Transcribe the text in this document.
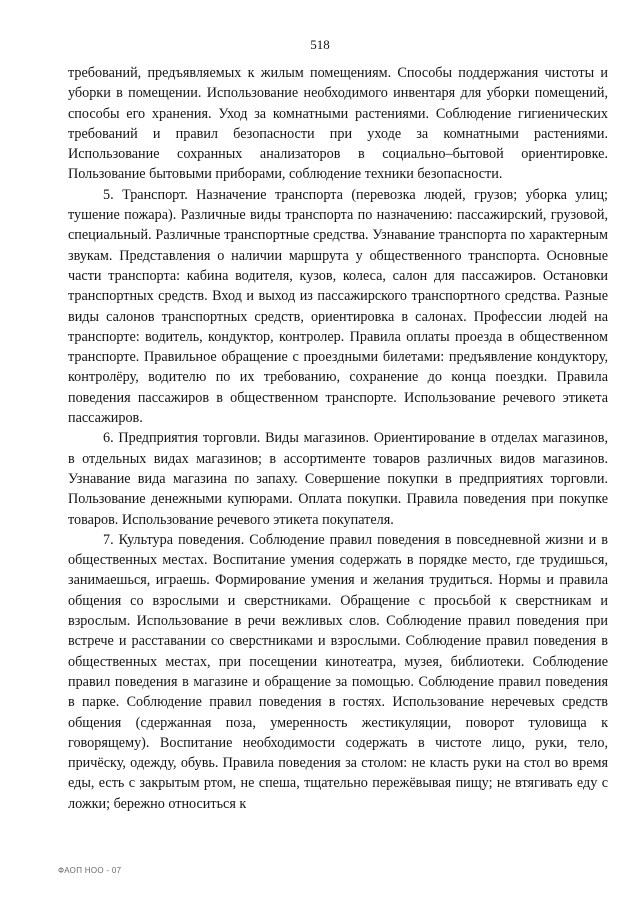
518

требований, предъявляемых к жилым помещениям. Способы поддержания чистоты и уборки в помещении. Использование необходимого инвентаря для уборки помещений, способы его хранения. Уход за комнатными растениями. Соблюдение гигиенических требований и правил безопасности при уходе за комнатными растениями. Использование сохранных анализаторов в социально–бытовой ориентировке. Пользование бытовыми приборами, соблюдение техники безопасности.

5. Транспорт. Назначение транспорта (перевозка людей, грузов; уборка улиц; тушение пожара). Различные виды транспорта по назначению: пассажирский, грузовой, специальный. Различные транспортные средства. Узнавание транспорта по характерным звукам. Представления о наличии маршрута у общественного транспорта. Основные части транспорта: кабина водителя, кузов, колеса, салон для пассажиров. Остановки транспортных средств. Вход и выход из пассажирского транспортного средства. Разные виды салонов транспортных средств, ориентировка в салонах. Профессии людей на транспорте: водитель, кондуктор, контролер. Правила оплаты проезда в общественном транспорте. Правильное обращение с проездными билетами: предъявление кондуктору, контролёру, водителю по их требованию, сохранение до конца поездки. Правила поведения пассажиров в общественном транспорте. Использование речевого этикета пассажиров.

6. Предприятия торговли. Виды магазинов. Ориентирование в отделах магазинов, в отдельных видах магазинов; в ассортименте товаров различных видов магазинов. Узнавание вида магазина по запаху. Совершение покупки в предприятиях торговли. Пользование денежными купюрами. Оплата покупки. Правила поведения при покупке товаров. Использование речевого этикета покупателя.

7. Культура поведения. Соблюдение правил поведения в повседневной жизни и в общественных местах. Воспитание умения содержать в порядке место, где трудишься, занимаешься, играешь. Формирование умения и желания трудиться. Нормы и правила общения со взрослыми и сверстниками. Обращение с просьбой к сверстникам и взрослым. Использование в речи вежливых слов. Соблюдение правил поведения при встрече и расставании со сверстниками и взрослыми. Соблюдение правил поведения в общественных местах, при посещении кинотеатра, музея, библиотеки. Соблюдение правил поведения в магазине и обращение за помощью. Соблюдение правил поведения в парке. Соблюдение правил поведения в гостях. Использование неречевых средств общения (сдержанная поза, умеренность жестикуляции, поворот туловища к говорящему). Воспитание необходимости содержать в чистоте лицо, руки, тело, причёску, одежду, обувь. Правила поведения за столом: не класть руки на стол во время еды, есть с закрытым ртом, не спеша, тщательно пережёвывая пищу; не втягивать еду с ложки; бережно относиться к

ФАОП НОО - 07
